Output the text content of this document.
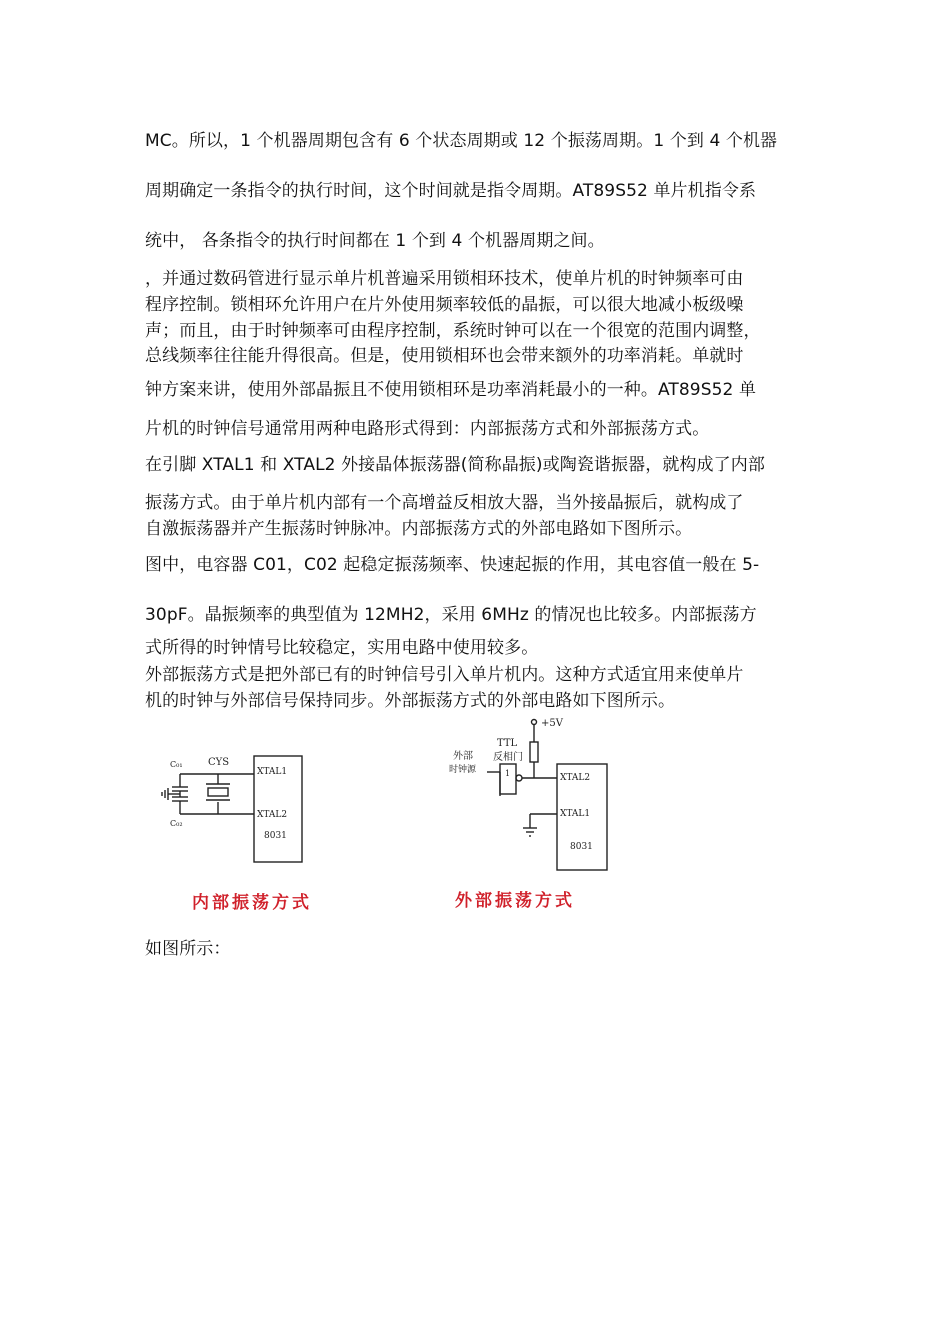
MC。所以，1 个机器周期包含有 6 个状态周期或 12 个振荡周期。1 个到 4 个机器
周期确定一条指令的执行时间，这个时间就是指令周期。AT89S52 单片机指令系
统中， 各条指令的执行时间都在 1 个到 4 个机器周期之间。
，并通过数码管进行显示单片机普遍采用锁相环技术，使单片机的时钟频率可由
程序控制。锁相环允许用户在片外使用频率较低的晶振，可以很大地减小板级噪
声；而且，由于时钟频率可由程序控制，系统时钟可以在一个很宽的范围内调整，
总线频率往往能升得很高。但是，使用锁相环也会带来额外的功率消耗。单就时
钟方案来讲，使用外部晶振且不使用锁相环是功率消耗最小的一种。AT89S52 单
片机的时钟信号通常用两种电路形式得到：内部振荡方式和外部振荡方式。
在引脚 XTAL1 和 XTAL2 外接晶体振荡器(简称晶振)或陶瓷谐振器，就构成了内部
振荡方式。由于单片机内部有一个高增益反相放大器，当外接晶振后，就构成了
自激振荡器并产生振荡时钟脉冲。内部振荡方式的外部电路如下图所示。
图中，电容器 C01，C02 起稳定振荡频率、快速起振的作用，其电容值一般在 5-
30pF。晶振频率的典型值为 12MH2，采用 6MHz 的情况也比较多。内部振荡方
式所得的时钟情号比较稳定，实用电路中使用较多。
外部振荡方式是把外部已有的时钟信号引入单片机内。这种方式适宜用来使单片
机的时钟与外部信号保持同步。外部振荡方式的外部电路如下图所示。
C₀₁	CYS
XTAL1
C₀₂
XTAL2
8031
内部振荡方式
+5V
TTL
反相门
外部
时钟源	1	XTAL2
XTAL1
8031
外部振荡方式
如图所示：
